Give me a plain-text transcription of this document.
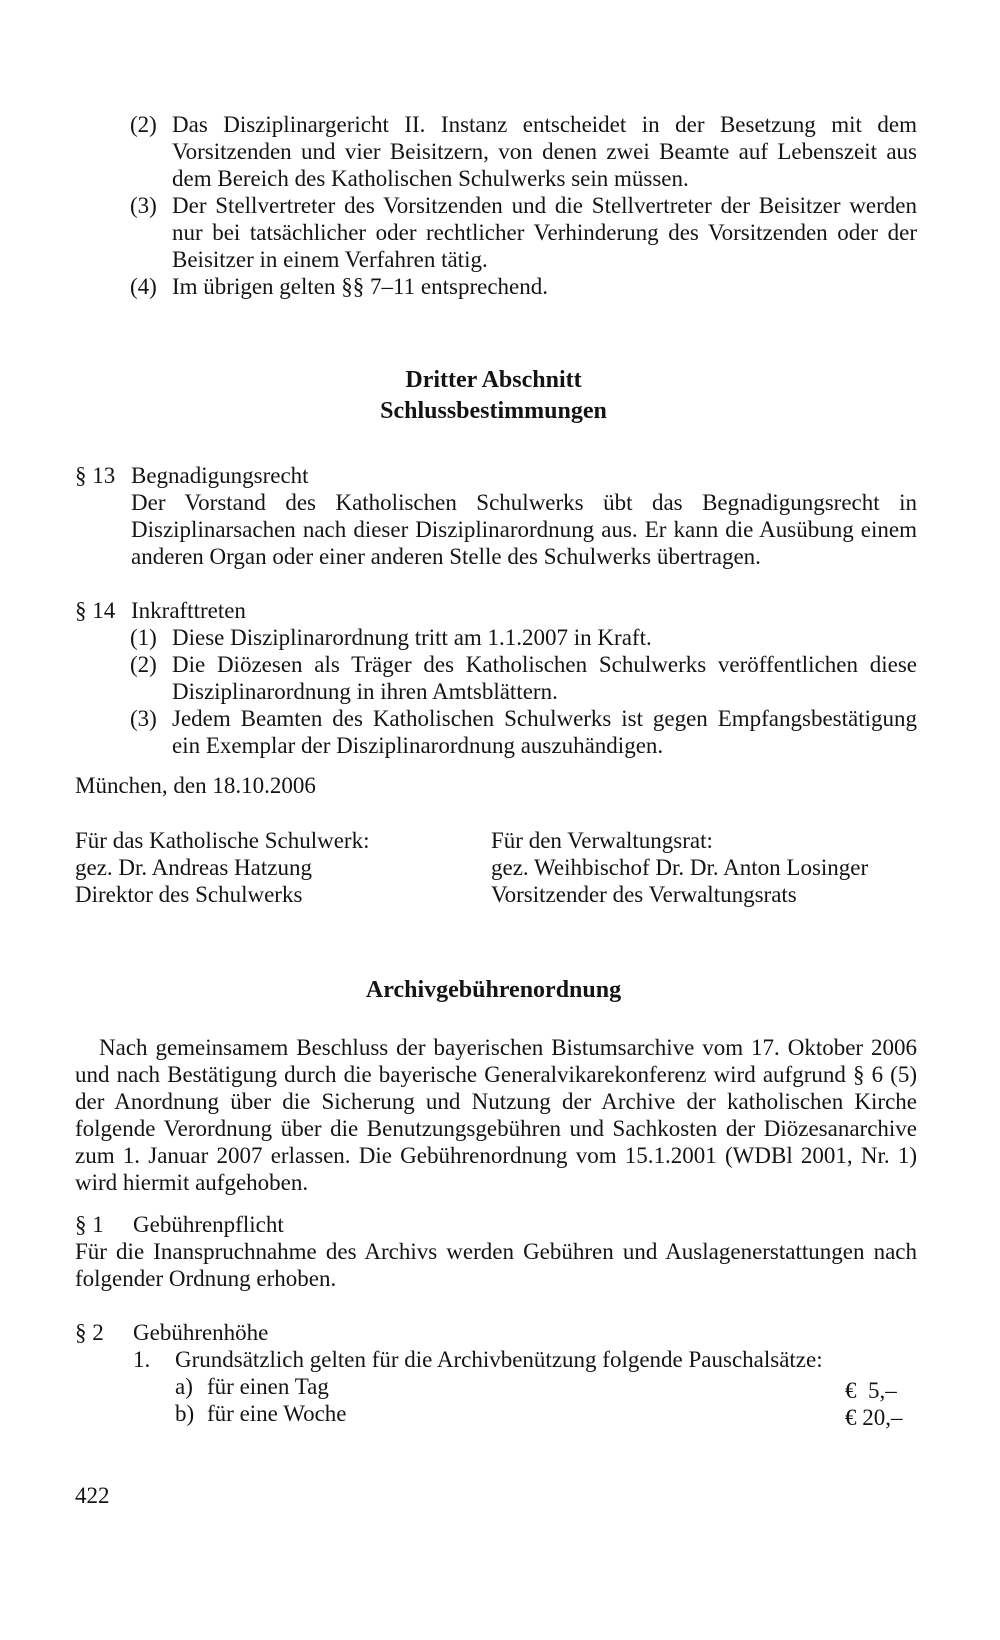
(2) Das Disziplinargericht II. Instanz entscheidet in der Besetzung mit dem Vorsitzenden und vier Beisitzern, von denen zwei Beamte auf Lebenszeit aus dem Bereich des Katholischen Schulwerks sein müssen.
(3) Der Stellvertreter des Vorsitzenden und die Stellvertreter der Beisitzer werden nur bei tatsächlicher oder rechtlicher Verhinderung des Vorsitzenden oder der Beisitzer in einem Verfahren tätig.
(4) Im übrigen gelten §§ 7–11 entsprechend.
Dritter Abschnitt
Schlussbestimmungen
§ 13 Begnadigungsrecht
Der Vorstand des Katholischen Schulwerks übt das Begnadigungsrecht in Disziplinarsachen nach dieser Disziplinarordnung aus. Er kann die Ausübung einem anderen Organ oder einer anderen Stelle des Schulwerks übertragen.
§ 14 Inkrafttreten
(1) Diese Disziplinarordnung tritt am 1.1.2007 in Kraft.
(2) Die Diözesen als Träger des Katholischen Schulwerks veröffentlichen diese Disziplinarordnung in ihren Amtsblättern.
(3) Jedem Beamten des Katholischen Schulwerks ist gegen Empfangsbestätigung ein Exemplar der Disziplinarordnung auszuhändigen.
München, den 18.10.2006
Für das Katholische Schulwerk:
gez. Dr. Andreas Hatzung
Direktor des Schulwerks
Für den Verwaltungsrat:
gez. Weihbischof Dr. Dr. Anton Losinger
Vorsitzender des Verwaltungsrats
Archivgebührenordnung
Nach gemeinsamem Beschluss der bayerischen Bistumsarchive vom 17. Oktober 2006 und nach Bestätigung durch die bayerische Generalvikarekonferenz wird aufgrund § 6 (5) der Anordnung über die Sicherung und Nutzung der Archive der katholischen Kirche folgende Verordnung über die Benutzungsgebühren und Sachkosten der Diözesanarchive zum 1. Januar 2007 erlassen. Die Gebührenordnung vom 15.1.2001 (WDBl 2001, Nr. 1) wird hiermit aufgehoben.
§ 1 Gebührenpflicht
Für die Inanspruchnahme des Archivs werden Gebühren und Auslagenerstattungen nach folgender Ordnung erhoben.
§ 2 Gebührenhöhe
1.	Grundsätzlich gelten für die Archivbenützung folgende Pauschalsätze:
a) für einen Tag	€  5,–
b) für eine Woche	€ 20,–
422
